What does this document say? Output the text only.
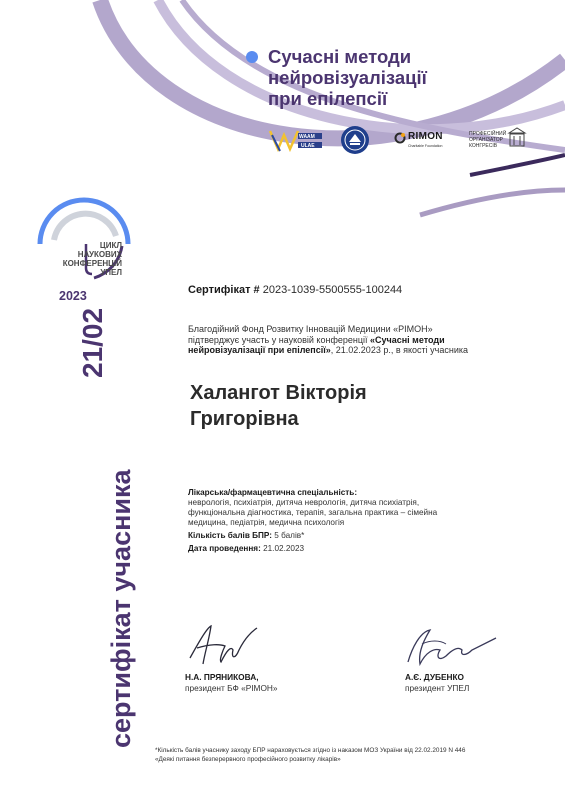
Сучасні методи
нейровізуалізації
при епілепсії
WAAM
ULAE
RIMON
Charitable Foundation
ПРОФЕСІЙНИЙ
ОРГАНІЗАТОР
КОНГРЕСІВ
ЦИКЛ
НАУКОВИХ
КОНФЕРЕНЦІЙ
УПЕЛ
2023
21/02
сертифікат учасника
Сертифікат # 2023-1039-5500555-100244
Благодійний Фонд Розвитку Інновацій Медицини «РІМОН»
підтверджує участь у науковій конференції «Сучасні методи
нейровізуалізації при епілепсії», 21.02.2023 р., в якості учасника
Халангот Вікторія
Григорівна
Лікарська/фармацевтична спеціальність:
неврологія, психіатрія, дитяча неврологія, дитяча психіатрія,
функціональна діагностика, терапія, загальна практика – сімейна
медицина, педіатрія, медична психологія
Кількість балів БПР: 5 балів*
Дата проведення: 21.02.2023
Н.А. ПРЯНИКОВА,
президент БФ «РІМОН»
А.Є. ДУБЕНКО
президент УПЕЛ
*Кількість балів учаснику заходу БПР нараховується згідно із наказом МОЗ України від 22.02.2019 N 446
«Деякі питання безперервного професійного розвитку лікарів»
